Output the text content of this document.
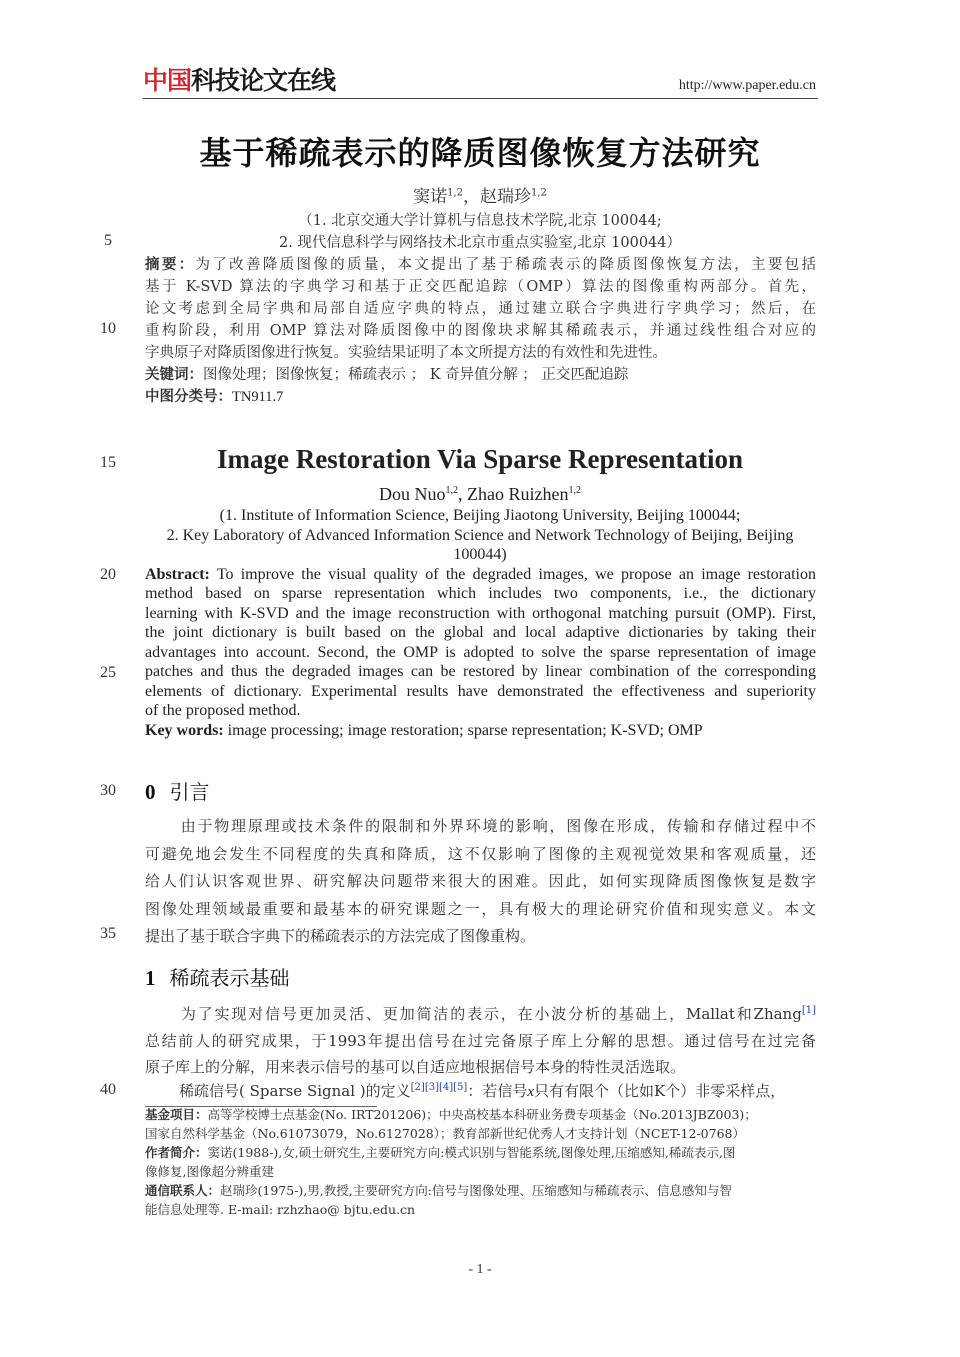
中国科技论文在线	http://www.paper.edu.cn
基于稀疏表示的降质图像恢复方法研究
窦诺$^{1,2}$，赵瑞珍$^{1,2}$
（1. 北京交通大学计算机与信息技术学院,北京 100044;
2. 现代信息科学与网络技术北京市重点实验室,北京 100044）
摘要：为了改善降质图像的质量，本文提出了基于稀疏表示的降质图像恢复方法，主要包括
基于 K-SVD 算法的字典学习和基于正交匹配追踪（OMP）算法的图像重构两部分。首先，
论文考虑到全局字典和局部自适应字典的特点，通过建立联合字典进行字典学习；然后，在
重构阶段，利用 OMP 算法对降质图像中的图像块求解其稀疏表示，并通过线性组合对应的
字典原子对降质图像进行恢复。实验结果证明了本文所提方法的有效性和先进性。
关键词：图像处理；图像恢复；稀疏表示 ； K 奇异值分解 ； 正交匹配追踪
中图分类号：TN911.7
Image Restoration Via Sparse Representation
Dou Nuo$^{1,2}$, Zhao Ruizhen$^{1,2}$
(1. Institute of Information Science, Beijing Jiaotong University, Beijing 100044;
2. Key Laboratory of Advanced Information Science and Network Technology of Beijing, Beijing
100044)
Abstract: To improve the visual quality of the degraded images, we propose an image restoration
method based on sparse representation which includes two components, i.e., the dictionary
learning with K-SVD and the image reconstruction with orthogonal matching pursuit (OMP). First,
the joint dictionary is built based on the global and local adaptive dictionaries by taking their
advantages into account. Second, the OMP is adopted to solve the sparse representation of image
patches and thus the degraded images can be restored by linear combination of the corresponding
elements of dictionary. Experimental results have demonstrated the effectiveness and superiority
of the proposed method.
Key words: image processing; image restoration; sparse representation; K-SVD; OMP
0 引言
由于物理原理或技术条件的限制和外界环境的影响，图像在形成，传输和存储过程中不
可避免地会发生不同程度的失真和降质，这不仅影响了图像的主观视觉效果和客观质量，还
给人们认识客观世界、研究解决问题带来很大的困难。因此，如何实现降质图像恢复是数字
图像处理领域最重要和最基本的研究课题之一，具有极大的理论研究价值和现实意义。本文
提出了基于联合字典下的稀疏表示的方法完成了图像重构。
1 稀疏表示基础
为了实现对信号更加灵活、更加简洁的表示，在小波分析的基础上，Mallat和Zhang[1]
总结前人的研究成果，于1993年提出信号在过完备原子库上分解的思想。通过信号在过完备
原子库上的分解，用来表示信号的基可以自适应地根据信号本身的特性灵活选取。
稀疏信号( Sparse Signal )的定义[2][3][4][5]：若信号x只有有限个（比如K个）非零采样点，
5
10
15
20
25
30
35
40
基金项目：高等学校博士点基金(No. IRT201206)；中央高校基本科研业务费专项基金（No.2013JBZ003)；
国家自然科学基金（No.61073079，No.6127028）；教育部新世纪优秀人才支持计划（NCET-12-0768）
作者简介：窦诺(1988-),女,硕士研究生,主要研究方向:模式识别与智能系统,图像处理,压缩感知,稀疏表示,图
像修复,图像超分辨重建
通信联系人：赵瑞珍(1975-),男,教授,主要研究方向:信号与图像处理、压缩感知与稀疏表示、信息感知与智
能信息处理等. E-mail: rzhzhao@ bjtu.edu.cn
- 1 -
